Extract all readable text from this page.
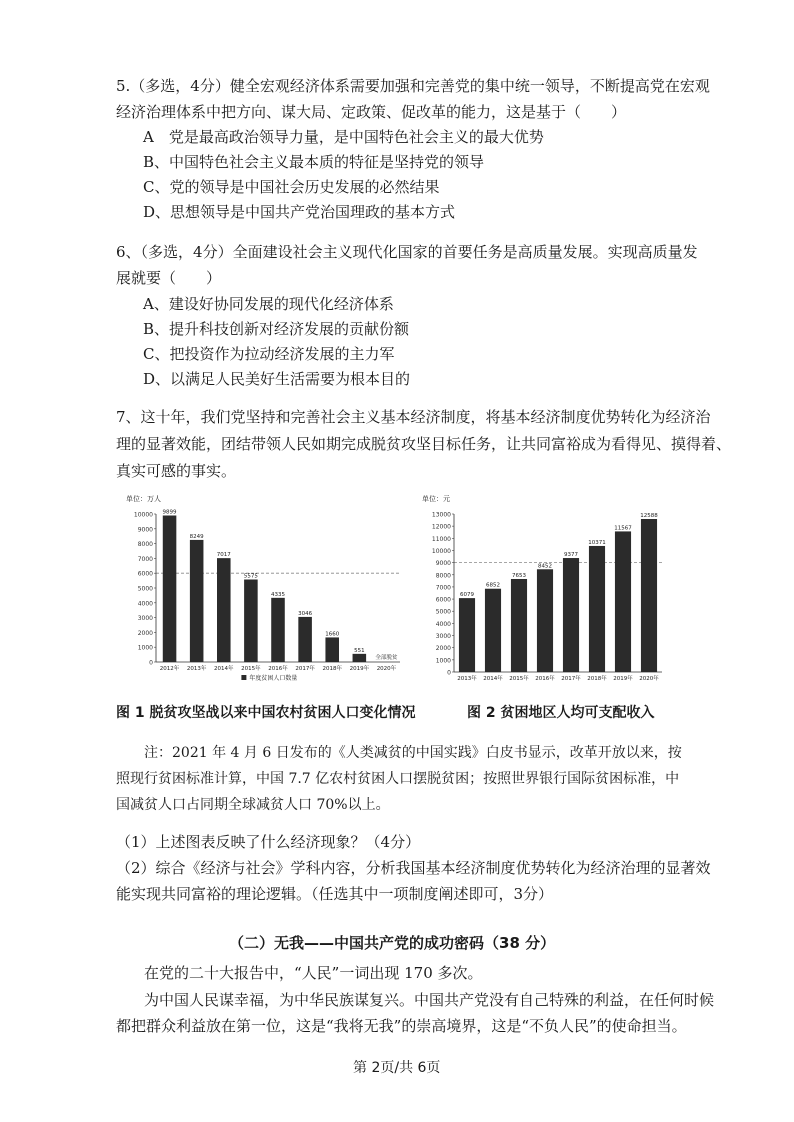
5.（多选，4分）健全宏观经济体系需要加强和完善党的集中统一领导，不断提高党在宏观
经济治理体系中把方向、谋大局、定政策、促改革的能力，这是基于（　　）
A　党是最高政治领导力量，是中国特色社会主义的最大优势
B、中国特色社会主义最本质的特征是坚持党的领导
C、党的领导是中国社会历史发展的必然结果
D、思想领导是中国共产党治国理政的基本方式
6、（多选，4分）全面建设社会主义现代化国家的首要任务是高质量发展。实现高质量发
展就要（　　）
A、建设好协同发展的现代化经济体系
B、提升科技创新对经济发展的贡献份额
C、把投资作为拉动经济发展的主力军
D、以满足人民美好生活需要为根本目的
7、这十年，我们党坚持和完善社会主义基本经济制度，将基本经济制度优势转化为经济治
理的显著效能，团结带领人民如期完成脱贫攻坚目标任务，让共同富裕成为看得见、摸得着、
真实可感的事实。
单位：万人
0
1000
2000
3000
4000
5000
6000
7000
8000
9000
10000 9899
2012年
8249
2013年
7017
2014年
5575
2015年
4335
2016年
3046
2017年
1660
2018年
551
2019年
全部脱贫
2020年
年度贫困人口数量
单位：元
0
1000
2000
3000
4000
5000
6000
7000
8000
9000
10000
11000
12000
13000
6079
2013年
6852
2014年
7653
2015年
8452
2016年
9377
2017年
10371
2018年
11567
2019年
12588
2020年
图 1 脱贫攻坚战以来中国农村贫困人口变化情况	图 2 贫困地区人均可支配收入
注：2021 年 4 月 6 日发布的《人类减贫的中国实践》白皮书显示，改革开放以来，按
照现行贫困标准计算，中国 7.7 亿农村贫困人口摆脱贫困；按照世界银行国际贫困标准，中
国减贫人口占同期全球减贫人口 70%以上。
（1）上述图表反映了什么经济现象？（4分）
（2）综合《经济与社会》学科内容，分析我国基本经济制度优势转化为经济治理的显著效
能实现共同富裕的理论逻辑。（任选其中一项制度阐述即可，3分）
（二）无我——中国共产党的成功密码（38 分）
在党的二十大报告中，“人民”一词出现 170 多次。
为中国人民谋幸福，为中华民族谋复兴。中国共产党没有自己特殊的利益，在任何时候
都把群众利益放在第一位，这是“我将无我”的崇高境界，这是“不负人民”的使命担当。
第 2页/共 6页
